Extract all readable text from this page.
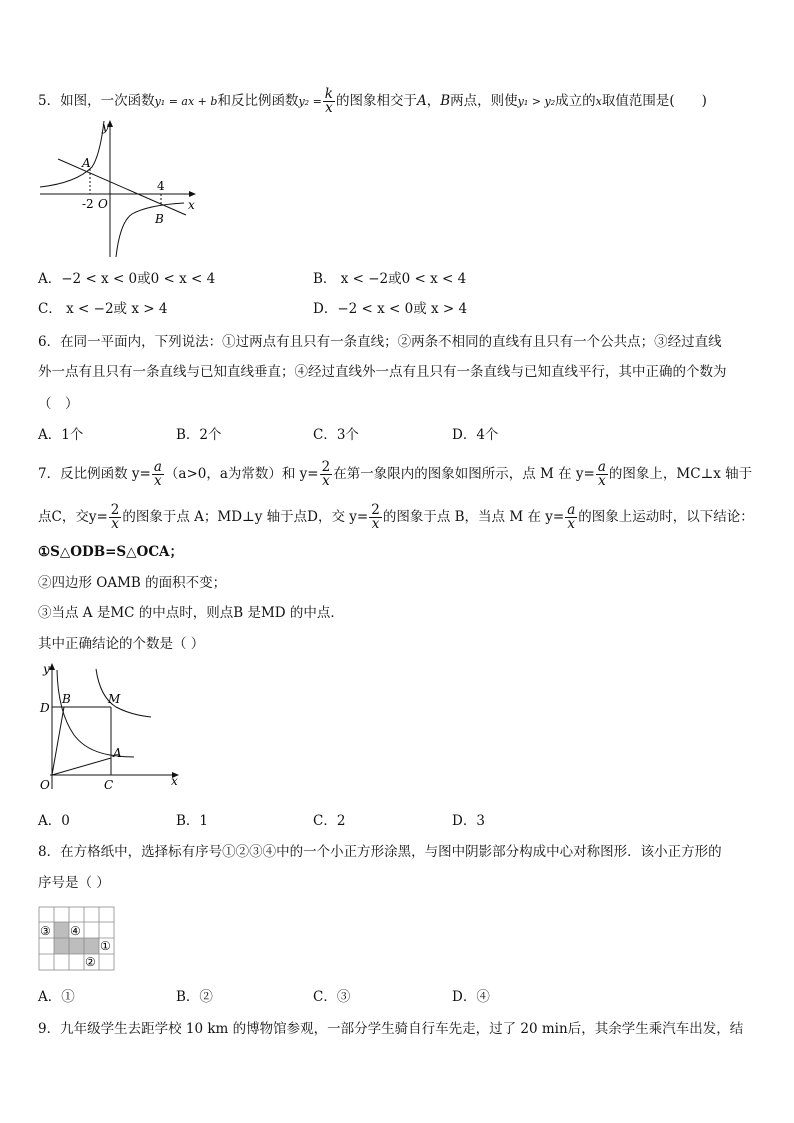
5．如图，一次函数y₁ = ax + b和反比例函数$y_2 = \frac{k}{x}$ 的图象相交于A，B两点，则使y₁ > y₂成立的x取值范围是(　　)
y
x
A
B
O
-2
4
A．−2 < x < 0或0 < x < 4	B． x < −2或0 < x < 4
C． x < −2或 x > 4	D．−2 < x < 0或 x > 4
6．在同一平面内，下列说法：①过两点有且只有一条直线；②两条不相同的直线有且只有一个公共点；③经过直线
外一点有且只有一条直线与已知直线垂直；④经过直线外一点有且只有一条直线与已知直线平行，其中正确的个数为
（　）
A．1个	B．2个	C．3个	D．4个
7．反比例函数 $y= \frac{a}{x} (a>0$，a为常数）和 $y= \frac{2}{x}$ 在第一象限内的图象如图所示，点 M 在 $y= \frac{a}{x}$ 的图象上，MC⊥x 轴于
点C，交$y= \frac{2}{x}$ 的图象于点 A；MD⊥y 轴于点D，交 $y= \frac{2}{x}$ 的图象于点 B，当点 M 在 $y= \frac{a}{x}$ 的图象上运动时，以下结论：
①S△ODB=S△OCA；
②四边形 OAMB 的面积不变；
③当点 A 是MC 的中点时，则点B 是MD 的中点．
其中正确结论的个数是（ ）
y
x
D
B	M
A
O	C
A．0	B．1	C．2	D．3
8．在方格纸中，选择标有序号①②③④中的一个小正方形涂黑，与图中阴影部分构成中心对称图形．该小正方形的
序号是（ ）
③ ④
①
②
A．①	B．②	C．③	D．④
9．九年级学生去距学校 10 km 的博物馆参观，一部分学生骑自行车先走，过了 20 min后，其余学生乘汽车出发，结
